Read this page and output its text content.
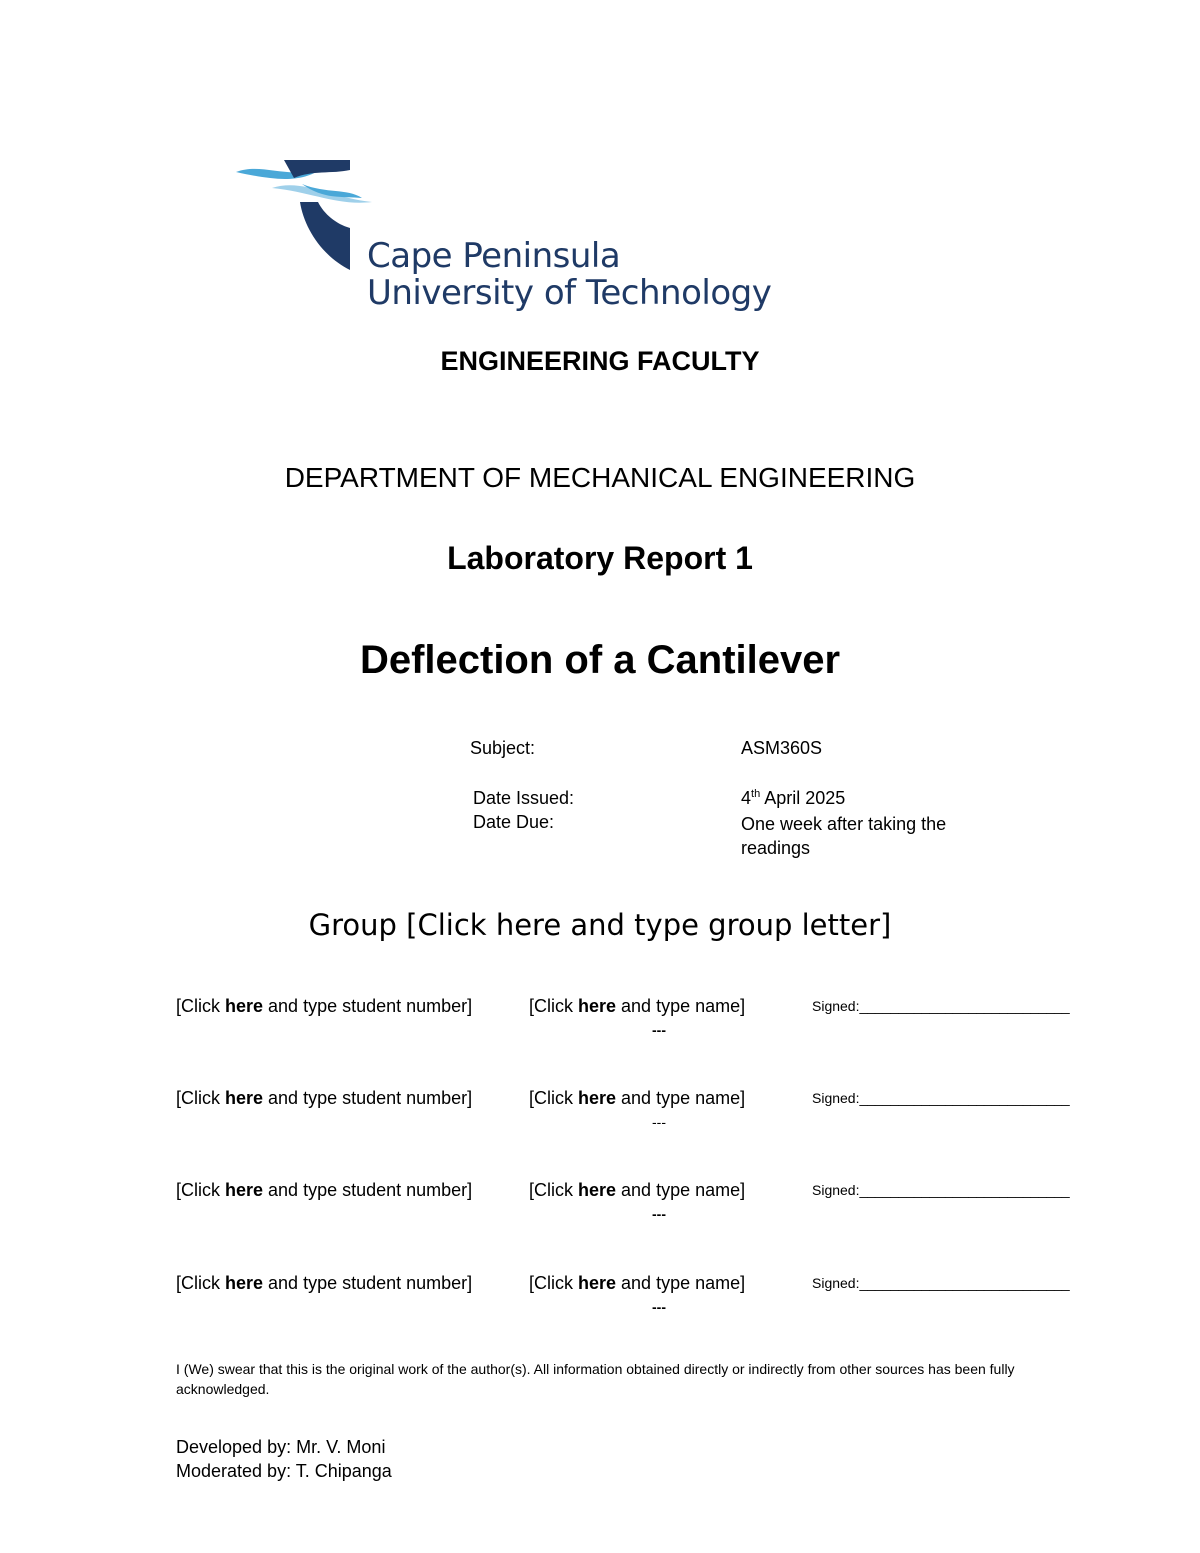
Cape Peninsula
University of Technology
ENGINEERING FACULTY
DEPARTMENT OF MECHANICAL ENGINEERING
Laboratory Report 1
Deflection of a Cantilever
Subject:	ASM360S
Date Issued:	4th April 2025
Date Due:	One week after taking the readings
Group [Click here and type group letter]
[Click here and type student number]	[Click here and type name]	Signed:___________________________
---
[Click here and type student number]	[Click here and type name]	Signed:___________________________
---
[Click here and type student number]	[Click here and type name]	Signed:___________________________
---
[Click here and type student number]	[Click here and type name]	Signed:___________________________
---
I (We) swear that this is the original work of the author(s). All information obtained directly or indirectly from other sources has been fully acknowledged.
Developed by: Mr. V. Moni
Moderated by: T. Chipanga
